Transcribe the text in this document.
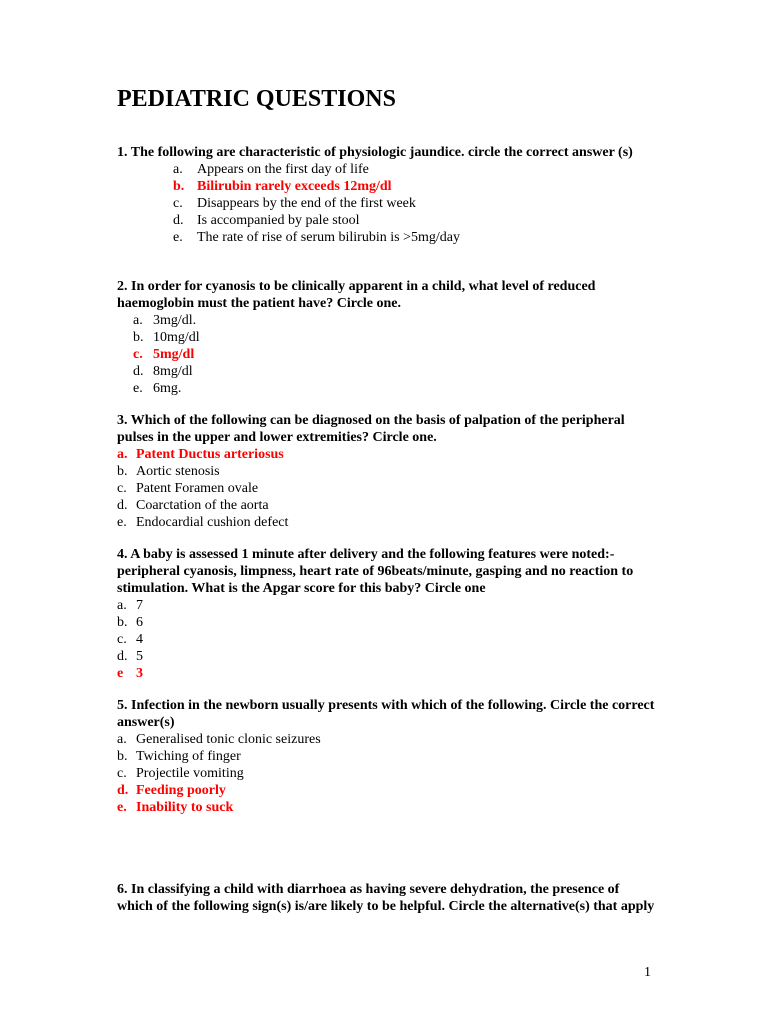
PEDIATRIC QUESTIONS
1. The following are characteristic of physiologic jaundice. circle the correct answer (s)
a.	Appears on the first day of life
b. Bilirubin rarely exceeds 12mg/dl
c.	Disappears by the end of the first week
d. Is accompanied by pale stool
e.	The rate of rise of serum bilirubin is >5mg/day
2. In order for cyanosis to be clinically apparent in a child, what level of reduced haemoglobin must the patient have? Circle one.
a. 3mg/dl.
b. 10mg/dl
c. 5mg/dl
d. 8mg/dl
e. 6mg.
3. Which of the following can be diagnosed on the basis of palpation of the peripheral pulses in the upper and lower extremities? Circle one.
a. Patent Ductus arteriosus
b. Aortic stenosis
c. Patent Foramen ovale
d. Coarctation of the aorta
e. Endocardial cushion defect
4. A baby is assessed 1 minute after delivery and the following features were noted:- peripheral cyanosis, limpness, heart rate of 96beats/minute, gasping and no reaction to stimulation. What is the Apgar score for this baby? Circle one
a. 7
b. 6
c. 4
d. 5
e 3
5. Infection in the newborn usually presents with which of the following. Circle the correct answer(s)
a. Generalised tonic clonic seizures
b. Twiching of finger
c. Projectile vomiting
d. Feeding poorly
e. Inability to suck
6. In classifying a child with diarrhoea as having severe dehydration, the presence of which of the following sign(s) is/are likely to be helpful. Circle the alternative(s) that apply
1
